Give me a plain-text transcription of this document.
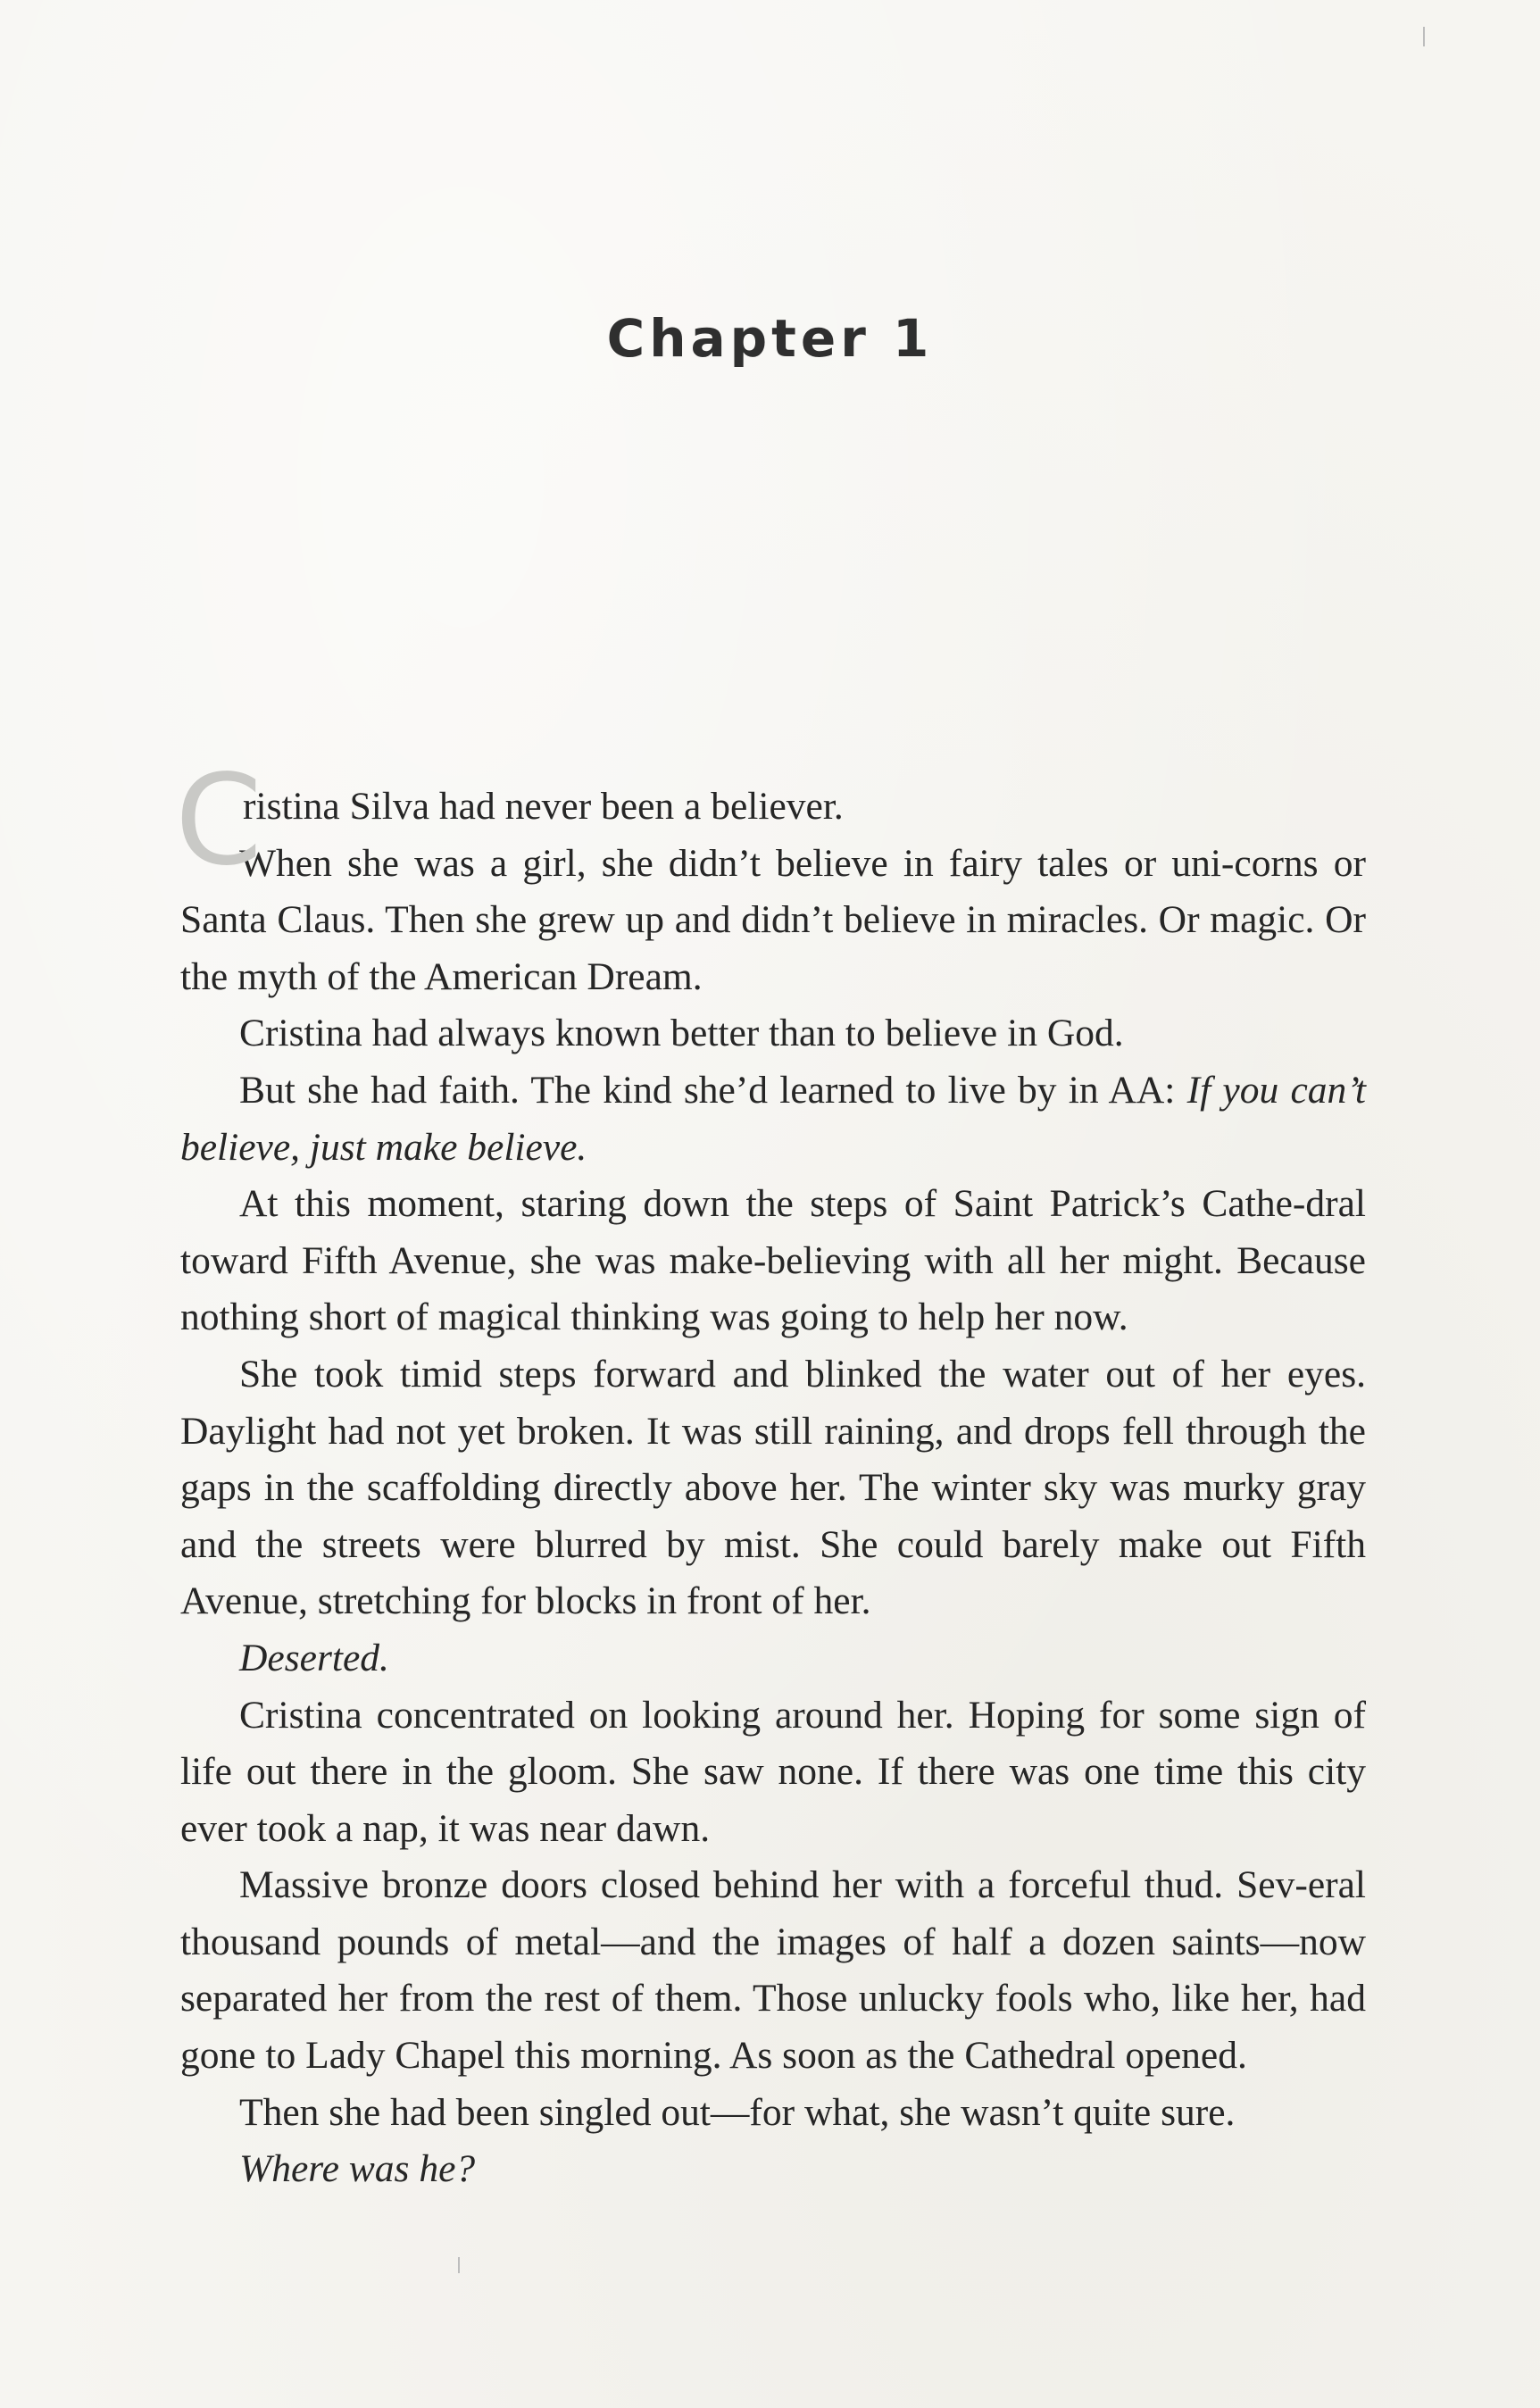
Chapter 1

C
ristina Silva had never been a believer.
When she was a girl, she didn’t believe in fairy tales or uni-corns or Santa Claus. Then she grew up and didn’t believe in miracles. Or magic. Or the myth of the American Dream.

Cristina had always known better than to believe in God.

But she had faith. The kind she’d learned to live by in AA: If you can’t believe, just make believe.

At this moment, staring down the steps of Saint Patrick’s Cathe-dral toward Fifth Avenue, she was make-believing with all her might. Because nothing short of magical thinking was going to help her now.

She took timid steps forward and blinked the water out of her eyes. Daylight had not yet broken. It was still raining, and drops fell through the gaps in the scaffolding directly above her. The winter sky was murky gray and the streets were blurred by mist. She could barely make out Fifth Avenue, stretching for blocks in front of her.

Deserted.

Cristina concentrated on looking around her. Hoping for some sign of life out there in the gloom. She saw none. If there was one time this city ever took a nap, it was near dawn.

Massive bronze doors closed behind her with a forceful thud. Sev-eral thousand pounds of metal—and the images of half a dozen saints—now separated her from the rest of them. Those unlucky fools who, like her, had gone to Lady Chapel this morning. As soon as the Cathedral opened.

Then she had been singled out—for what, she wasn’t quite sure.

Where was he?
